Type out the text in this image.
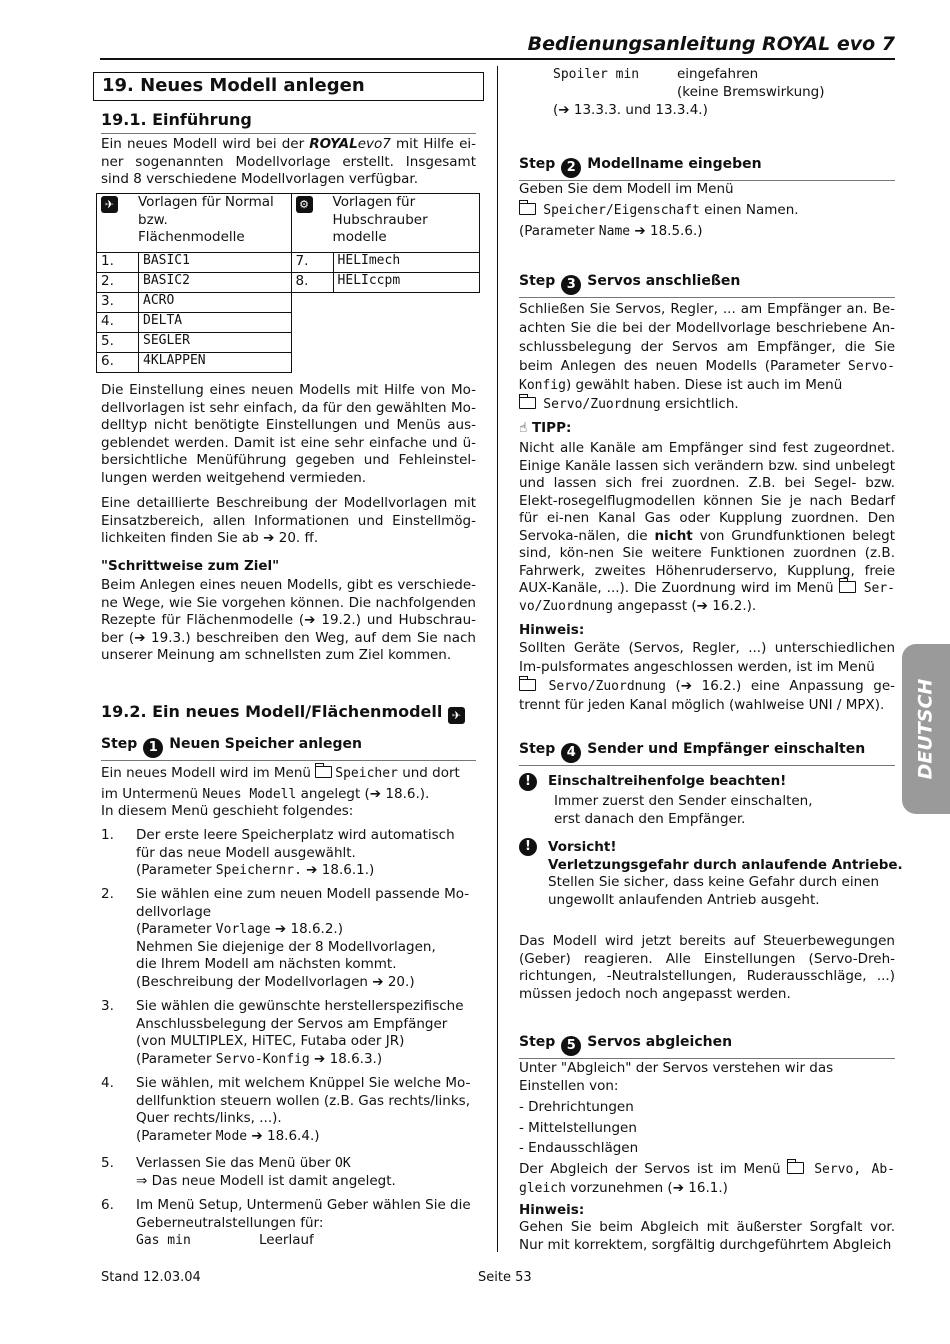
Bedienungsanleitung ROYAL evo 7
Stand 12.03.04	Seite 53
DEUTSCH
19. Neues Modell anlegen
19.1. Einführung
Ein neues Modell wird bei der ROYALevo7 mit Hilfe ei-ner sogenannten Modellvorlage erstellt. Insgesamt sind 8 verschiedene Modellvorlagen verfügbar.
✈ Vorlagen für Normal bzw. Flächenmodelle		⚙ Vorlagen für Hubschrauber modelle	
1.	BASIC1	7.	HELImech
2.	BASIC2	8.	HELIccpm
3.	ACRO		
4.	DELTA		
5.	SEGLER		
6.	4KLAPPEN		
Die Einstellung eines neuen Modells mit Hilfe von Mo-dellvorlagen ist sehr einfach, da für den gewählten Mo-delltyp nicht benötigte Einstellungen und Menüs aus-geblendet werden. Damit ist eine sehr einfache und ü-bersichtliche Menüführung gegeben und Fehleinstel-lungen werden weitgehend vermieden.
Eine detaillierte Beschreibung der Modellvorlagen mit Einsatzbereich, allen Informationen und Einstellmög-lichkeiten finden Sie ab ➔ 20. ff.
"Schrittweise zum Ziel"
Beim Anlegen eines neuen Modells, gibt es verschiede-ne Wege, wie Sie vorgehen können. Die nachfolgenden Rezepte für Flächenmodelle (➔ 19.2.) und Hubschrau-ber (➔ 19.3.) beschreiben den Weg, auf dem Sie nach unserer Meinung am schnellsten zum Ziel kommen.
19.2. Ein neues Modell/Flächenmodell ✈
Step 1 Neuen Speicher anlegen
Ein neues Modell wird im Menü Speicher und dort
im Untermenü Neues Modell angelegt (➔ 18.6.).
In diesem Menü geschieht folgendes:
1. Der erste leere Speicherplatz wird automatisch für das neue Modell ausgewählt.
(Parameter Speichernr. ➔ 18.6.1.)
2. Sie wählen eine zum neuen Modell passende Mo-dellvorlage
(Parameter Vorlage ➔ 18.6.2.)
Nehmen Sie diejenige der 8 Modellvorlagen,
die Ihrem Modell am nächsten kommt.
(Beschreibung der Modellvorlagen ➔ 20.)
3. Sie wählen die gewünschte herstellerspezifische Anschlussbelegung der Servos am Empfänger (von MULTIPLEX, HiTEC, Futaba oder JR)
(Parameter Servo-Konfig ➔ 18.6.3.)
4. Sie wählen, mit welchem Knüppel Sie welche Mo-dellfunktion steuern wollen (z.B. Gas rechts/links, Quer rechts/links, ...).
(Parameter Mode ➔ 18.6.4.)
5. Verlassen Sie das Menü über OK
⇒ Das neue Modell ist damit angelegt.
6. Im Menü Setup, Untermenü Geber wählen Sie die Geberneutralstellungen für:
Gas min	Leerlauf
Spoiler min	eingefahren
(keine Bremswirkung)
(➔ 13.3.3. und 13.3.4.)
Step 2 Modellname eingeben
Geben Sie dem Modell im Menü
Speicher/Eigenschaft einen Namen.
(Parameter Name ➔ 18.5.6.)
Step 3 Servos anschließen
Schließen Sie Servos, Regler, ... am Empfänger an. Be-achten Sie die bei der Modellvorlage beschriebene An-schlussbelegung der Servos am Empfänger, die Sie beim Anlegen des neuen Modells (Parameter Servo-Konfig) gewählt haben. Diese ist auch im Menü
Servo/Zuordnung ersichtlich.
☝ TIPP:
Nicht alle Kanäle am Empfänger sind fest zugeordnet. Einige Kanäle lassen sich verändern bzw. sind unbelegt und lassen sich frei zuordnen. Z.B. bei Segel- bzw. Elekt-rosegelflugmodellen können Sie je nach Bedarf für ei-nen Kanal Gas oder Kupplung zuordnen. Den Servoka-nälen, die nicht von Grundfunktionen belegt sind, kön-nen Sie weitere Funktionen zuordnen (z.B. Fahrwerk, zweites Höhenruderservo, Kupplung, freie AUX-Kanäle, ...). Die Zuordnung wird im Menü  Ser-vo/Zuordnung angepasst (➔ 16.2.).
Hinweis:
Sollten Geräte (Servos, Regler, ...) unterschiedlichen Im-pulsformates angeschlossen werden, ist im Menü
Servo/Zuordnung (➔ 16.2.) eine Anpassung ge-trennt für jeden Kanal möglich (wahlweise UNI / MPX).
Step 4 Sender und Empfänger einschalten
!	Einschaltreihenfolge beachten!
Immer zuerst den Sender einschalten,
erst danach den Empfänger.
!	Vorsicht!
Verletzungsgefahr durch anlaufende Antriebe.
Stellen Sie sicher, dass keine Gefahr durch einen
ungewollt anlaufenden Antrieb ausgeht.
Das Modell wird jetzt bereits auf Steuerbewegungen (Geber) reagieren. Alle Einstellungen (Servo-Dreh-richtungen, -Neutralstellungen, Ruderausschläge, ...) müssen jedoch noch angepasst werden.
Step 5 Servos abgleichen
Unter "Abgleich" der Servos verstehen wir das Einstellen von:
- Drehrichtungen
- Mittelstellungen
- Endausschlägen
Der Abgleich der Servos ist im Menü  Servo, Ab-gleich vorzunehmen (➔ 16.1.)
Hinweis:
Gehen Sie beim Abgleich mit äußerster Sorgfalt vor. Nur mit korrektem, sorgfältig durchgeführtem Abgleich
